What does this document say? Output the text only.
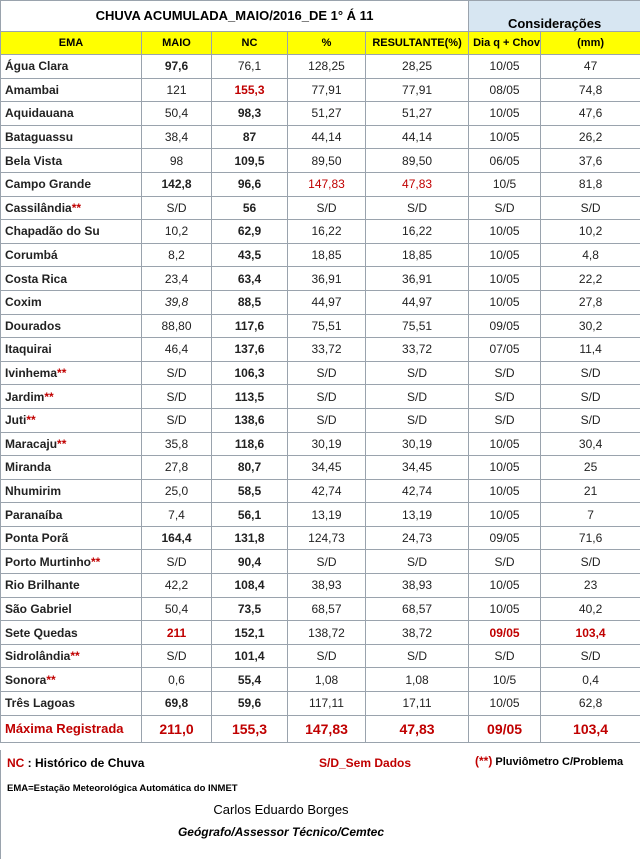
CHUVA ACUMULADA_MAIO/2016_DE 1° Á 11					Considerações	
EMA	MAIO	NC	%	RESULTANTE(%)	Dia q + Chov	(mm)
Água Clara	97,6	76,1	128,25	28,25	10/05	47
Amambai	121	155,3	77,91	77,91	08/05	74,8
Aquidauana	50,4	98,3	51,27	51,27	10/05	47,6
Bataguassu	38,4	87	44,14	44,14	10/05	26,2
Bela Vista	98	109,5	89,50	89,50	06/05	37,6
Campo Grande	142,8	96,6	147,83	47,83	10/5	81,8
Cassilândia**	S/D	56	S/D	S/D	S/D	S/D
Chapadão do Su	10,2	62,9	16,22	16,22	10/05	10,2
Corumbá	8,2	43,5	18,85	18,85	10/05	4,8
Costa Rica	23,4	63,4	36,91	36,91	10/05	22,2
Coxim	39,8	88,5	44,97	44,97	10/05	27,8
Dourados	88,80	117,6	75,51	75,51	09/05	30,2
Itaquirai	46,4	137,6	33,72	33,72	07/05	11,4
Ivinhema**	S/D	106,3	S/D	S/D	S/D	S/D
Jardim**	S/D	113,5	S/D	S/D	S/D	S/D
Juti**	S/D	138,6	S/D	S/D	S/D	S/D
Maracaju**	35,8	118,6	30,19	30,19	10/05	30,4
Miranda	27,8	80,7	34,45	34,45	10/05	25
Nhumirim	25,0	58,5	42,74	42,74	10/05	21
Paranaíba	7,4	56,1	13,19	13,19	10/05	7
Ponta Porã	164,4	131,8	124,73	24,73	09/05	71,6
Porto Murtinho**	S/D	90,4	S/D	S/D	S/D	S/D
Rio Brilhante	42,2	108,4	38,93	38,93	10/05	23
São Gabriel	50,4	73,5	68,57	68,57	10/05	40,2
Sete Quedas	211	152,1	138,72	38,72	09/05	103,4
Sidrolândia**	S/D	101,4	S/D	S/D	S/D	S/D
Sonora**	0,6	55,4	1,08	1,08	10/5	0,4
Três Lagoas	69,8	59,6	117,11	17,11	10/05	62,8
Máxima Registrada	211,0	155,3	147,83	47,83	09/05	103,4
NC : Histórico de Chuva	S/D_Sem Dados	(**) Pluviômetro C/Problema
EMA=Estação Meteorológica Automática do INMET
Carlos Eduardo Borges
Geógrafo/Assessor Técnico/Cemtec
